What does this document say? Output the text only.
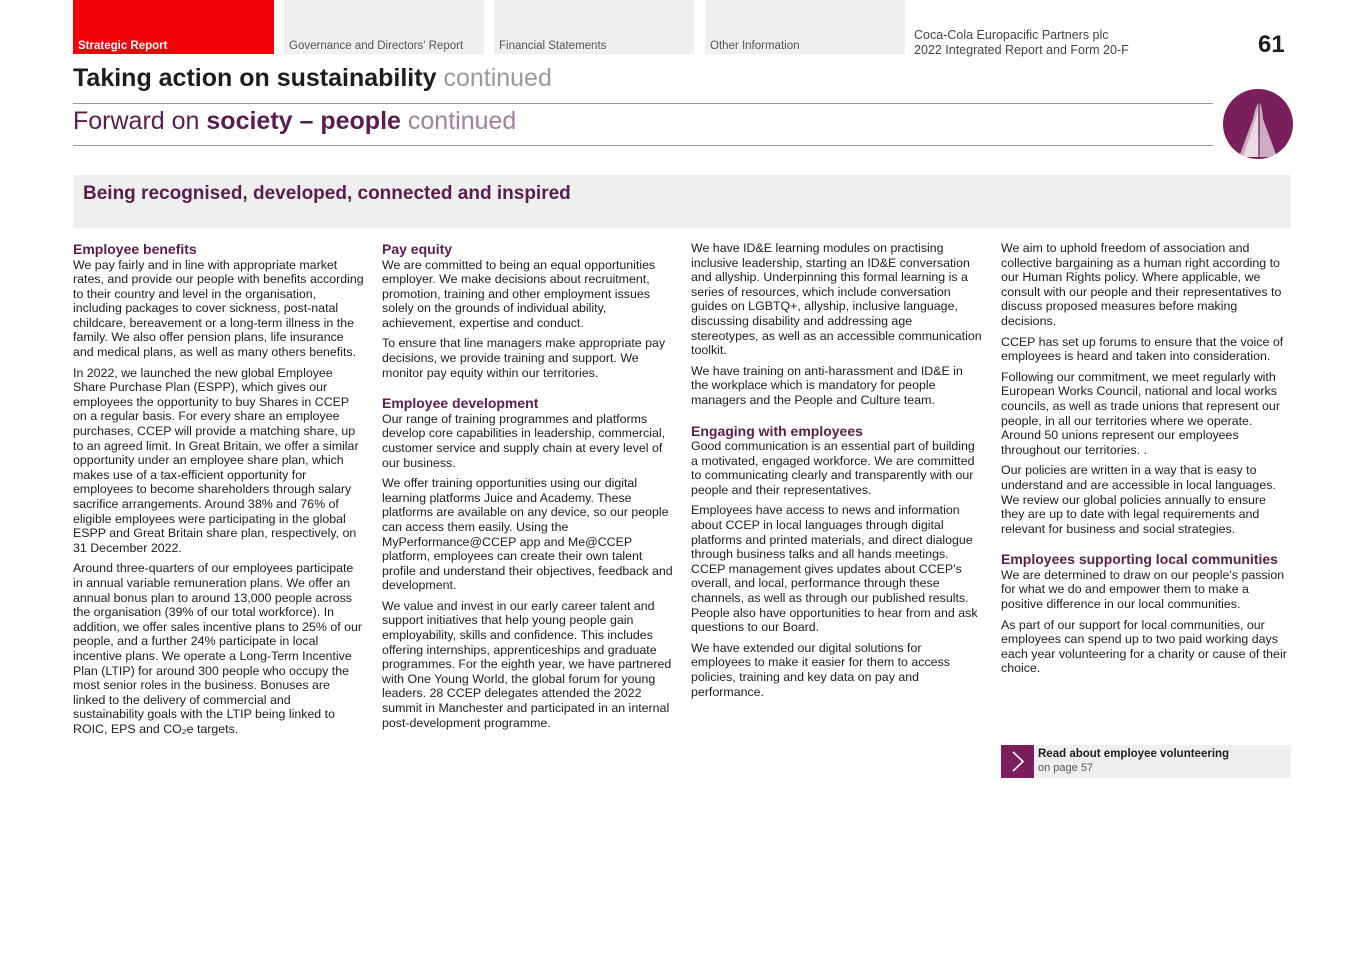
Strategic Report	Governance and Directors' Report	Financial Statements	Other Information
Coca-Cola Europacific Partners plc
2022 Integrated Report and Form 20-F	61
Taking action on sustainability continued
Forward on society – people continued
Being recognised, developed, connected and inspired
Employee benefits

We pay fairly and in line with appropriate market rates, and provide our people with benefits according to their country and level in the organisation, including packages to cover sickness, post-natal childcare, bereavement or a long-term illness in the family. We also offer pension plans, life insurance and medical plans, as well as many others benefits.

In 2022, we launched the new global Employee Share Purchase Plan (ESPP), which gives our employees the opportunity to buy Shares in CCEP on a regular basis. For every share an employee purchases, CCEP will provide a matching share, up to an agreed limit. In Great Britain, we offer a similar opportunity under an employee share plan, which makes use of a tax-efficient opportunity for employees to become shareholders through salary sacrifice arrangements. Around 38% and 76% of eligible employees were participating in the global ESPP and Great Britain share plan, respectively, on 31 December 2022.

Around three-quarters of our employees participate in annual variable remuneration plans. We offer an annual bonus plan to around 13,000 people across the organisation (39% of our total workforce). In addition, we offer sales incentive plans to 25% of our people, and a further 24% participate in local incentive plans. We operate a Long-Term Incentive Plan (LTIP) for around 300 people who occupy the most senior roles in the business. Bonuses are linked to the delivery of commercial and sustainability goals with the LTIP being linked to ROIC, EPS and CO₂e targets.

Pay equity

We are committed to being an equal opportunities employer. We make decisions about recruitment, promotion, training and other employment issues solely on the grounds of individual ability, achievement, expertise and conduct.

To ensure that line managers make appropriate pay decisions, we provide training and support. We monitor pay equity within our territories.

Employee development

Our range of training programmes and platforms develop core capabilities in leadership, commercial, customer service and supply chain at every level of our business.

We offer training opportunities using our digital learning platforms Juice and Academy. These platforms are available on any device, so our people can access them easily. Using the MyPerformance@CCEP app and Me@CCEP platform, employees can create their own talent profile and understand their objectives, feedback and development.

We value and invest in our early career talent and support initiatives that help young people gain employability, skills and confidence. This includes offering internships, apprenticeships and graduate programmes. For the eighth year, we have partnered with One Young World, the global forum for young leaders. 28 CCEP delegates attended the 2022 summit in Manchester and participated in an internal post-development programme.

We have ID&E learning modules on practising inclusive leadership, starting an ID&E conversation and allyship. Underpinning this formal learning is a series of resources, which include conversation guides on LGBTQ+, allyship, inclusive language, discussing disability and addressing age stereotypes, as well as an accessible communication toolkit.

We have training on anti-harassment and ID&E in the workplace which is mandatory for people managers and the People and Culture team.

Engaging with employees

Good communication is an essential part of building a motivated, engaged workforce. We are committed to communicating clearly and transparently with our people and their representatives.

Employees have access to news and information about CCEP in local languages through digital platforms and printed materials, and direct dialogue through business talks and all hands meetings. CCEP management gives updates about CCEP's overall, and local, performance through these channels, as well as through our published results. People also have opportunities to hear from and ask questions to our Board.

We have extended our digital solutions for employees to make it easier for them to access policies, training and key data on pay and performance.

We aim to uphold freedom of association and collective bargaining as a human right according to our Human Rights policy. Where applicable, we consult with our people and their representatives to discuss proposed measures before making decisions.

CCEP has set up forums to ensure that the voice of employees is heard and taken into consideration.

Following our commitment, we meet regularly with European Works Council, national and local works councils, as well as trade unions that represent our people, in all our territories where we operate. Around 50 unions represent our employees throughout our territories. .

Our policies are written in a way that is easy to understand and are accessible in local languages. We review our global policies annually to ensure they are up to date with legal requirements and relevant for business and social strategies.

Employees supporting local communities

We are determined to draw on our people's passion for what we do and empower them to make a positive difference in our local communities.

As part of our support for local communities, our employees can spend up to two paid working days each year volunteering for a charity or cause of their choice.

Read about employee volunteering
on page 57
